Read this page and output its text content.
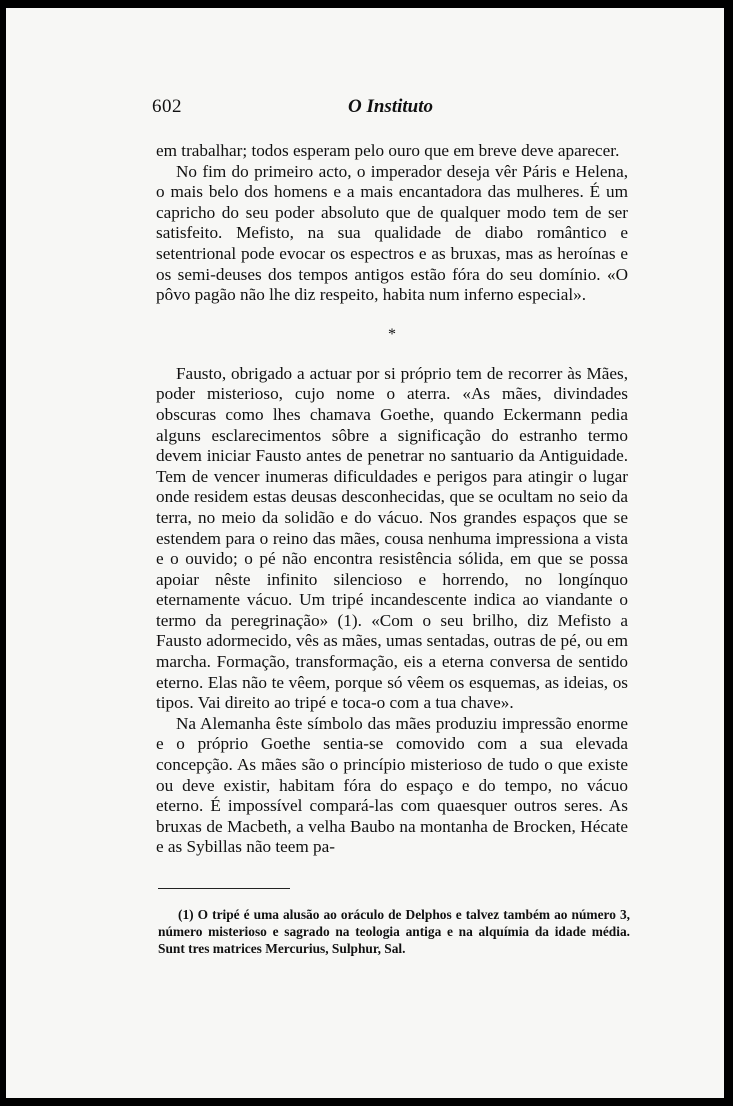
602	O Instituto

em trabalhar; todos esperam pelo ouro que em breve deve aparecer.

No fim do primeiro acto, o imperador deseja vêr Páris e Helena, o mais belo dos homens e a mais encantadora das mulheres. É um capricho do seu poder absoluto que de qualquer modo tem de ser satisfeito. Mefisto, na sua qualidade de diabo romântico e setentrional pode evocar os espectros e as bruxas, mas as heroínas e os semi-deuses dos tempos antigos estão fóra do seu domínio. «O pôvo pagão não lhe diz respeito, habita num inferno especial».

*

Fausto, obrigado a actuar por si próprio tem de recorrer às Mães, poder misterioso, cujo nome o aterra. «As mães, divindades obscuras como lhes chamava Goethe, quando Eckermann pedia alguns esclarecimentos sôbre a significação do estranho termo devem iniciar Fausto antes de penetrar no santuario da Antiguidade. Tem de vencer inumeras dificuldades e perigos para atingir o lugar onde residem estas deusas desconhecidas, que se ocultam no seio da terra, no meio da solidão e do vácuo. Nos grandes espaços que se estendem para o reino das mães, cousa nenhuma impressiona a vista e o ouvido; o pé não encontra resistência sólida, em que se possa apoiar nêste infinito silencioso e horrendo, no longínquo eternamente vácuo. Um tripé incandescente indica ao viandante o termo da peregrinação» (1). «Com o seu brilho, diz Mefisto a Fausto adormecido, vês as mães, umas sentadas, outras de pé, ou em marcha. Formação, transformação, eis a eterna conversa de sentido eterno. Elas não te vêem, porque só vêem os esquemas, as ideias, os tipos. Vai direito ao tripé e toca-o com a tua chave».

Na Alemanha êste símbolo das mães produziu impressão enorme e o próprio Goethe sentia-se comovido com a sua elevada concepção. As mães são o princípio misterioso de tudo o que existe ou deve existir, habitam fóra do espaço e do tempo, no vácuo eterno. É impossível compará-las com quaesquer outros seres. As bruxas de Macbeth, a velha Baubo na montanha de Brocken, Hécate e as Sybillas não teem pa-

(1) O tripé é uma alusão ao oráculo de Delphos e talvez também ao número 3, número misterioso e sagrado na teologia antiga e na alquímia da idade média. Sunt tres matrices Mercurius, Sulphur, Sal.
